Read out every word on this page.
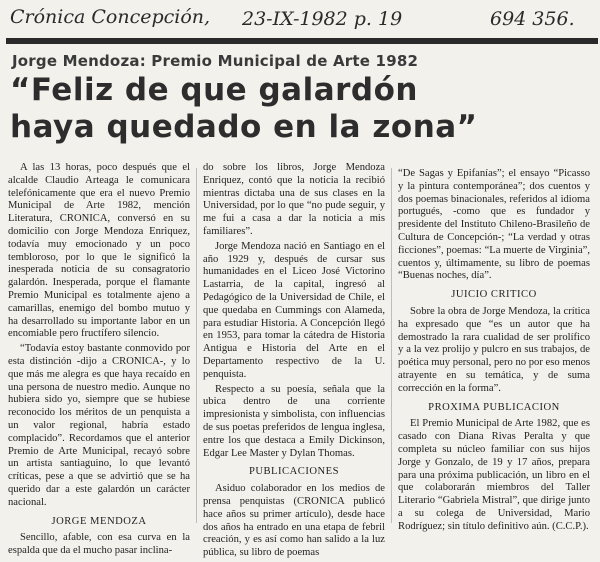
Crónica Concepción, 23-IX-1982 p. 19	694 356.
Jorge Mendoza: Premio Municipal de Arte 1982
“Feliz de que galardón
haya quedado en la zona”

A las 13 horas, poco después que el alcalde Claudio Arteaga le comunicara telefónicamente que era el nuevo Premio Municipal de Arte 1982, mención Literatura, CRONICA, conversó en su domicilio con Jorge Mendoza Enriquez, todavía muy emocionado y un poco tembloroso, por lo que le significó la inesperada noticia de su consagratorio galardón. Inesperada, porque el flamante Premio Municipal es totalmente ajeno a camarillas, enemigo del bombo mutuo y ha desarrollado su importante labor en un encomiable pero fructífero silencio.

“Todavía estoy bastante conmovido por esta distinción -dijo a CRONICA-, y lo que más me alegra es que haya recaído en una persona de nuestro medio. Aunque no hubiera sido yo, siempre que se hubiese reconocido los méritos de un penquista a un valor regional, habría estado complacido”. Recordamos que el anterior Premio de Arte Municipal, recayó sobre un artista santiaguino, lo que levantó críticas, pese a que se advirtió que se ha querido dar a este galardón un carácter nacional.

JORGE MENDOZA

Sencillo, afable, con esa curva en la espalda que da el mucho pasar inclina-

do sobre los libros, Jorge Mendoza Enriquez, contó que la noticia la recibió mientras dictaba una de sus clases en la Universidad, por lo que “no pude seguir, y me fui a casa a dar la noticia a mis familiares”.

Jorge Mendoza nació en Santiago en el año 1929 y, después de cursar sus humanidades en el Liceo José Victorino Lastarria, de la capital, ingresó al Pedagógico de la Universidad de Chile, el que quedaba en Cummings con Alameda, para estudiar Historia. A Concepción llegó en 1953, para tomar la cátedra de Historia Antigua e Historia del Arte en el Departamento respectivo de la U. penquista.

Respecto a su poesía, señala que la ubica dentro de una corriente impresionista y simbolista, con influencias de sus poetas preferidos de lengua inglesa, entre los que destaca a Emily Dickinson, Edgar Lee Master y Dylan Thomas.

PUBLICACIONES

Asiduo colaborador en los medios de prensa penquistas (CRONICA publicó hace años su primer artículo), desde hace dos años ha entrado en una etapa de febril creación, y es así como han salido a la luz pública, su libro de poemas

“De Sagas y Epifanías”; el ensayo “Picasso y la pintura contemporánea”; dos cuentos y dos poemas binacionales, referidos al idioma portugués, -como que es fundador y presidente del Instituto Chileno-Brasileño de Cultura de Concepción-; “La verdad y otras ficciones”, poemas: “La muerte de Virginia”, cuentos y, últimamente, su libro de poemas “Buenas noches, día”.

JUICIO CRITICO

Sobre la obra de Jorge Mendoza, la crítica ha expresado que “es un autor que ha demostrado la rara cualidad de ser prolífico y a la vez prolijo y pulcro en sus trabajos, de poética muy personal, pero no por eso menos atrayente en su temática, y de suma corrección en la forma”.

PROXIMA PUBLICACION

El Premio Municipal de Arte 1982, que es casado con Diana Rivas Peralta y que completa su núcleo familiar con sus hijos Jorge y Gonzalo, de 19 y 17 años, prepara para una próxima publicación, un libro en el que colaborarán miembros del Taller Literario “Gabriela Mistral”, que dirige junto a su colega de Universidad, Mario Rodríguez; sin título definitivo aún. (C.C.P.).
